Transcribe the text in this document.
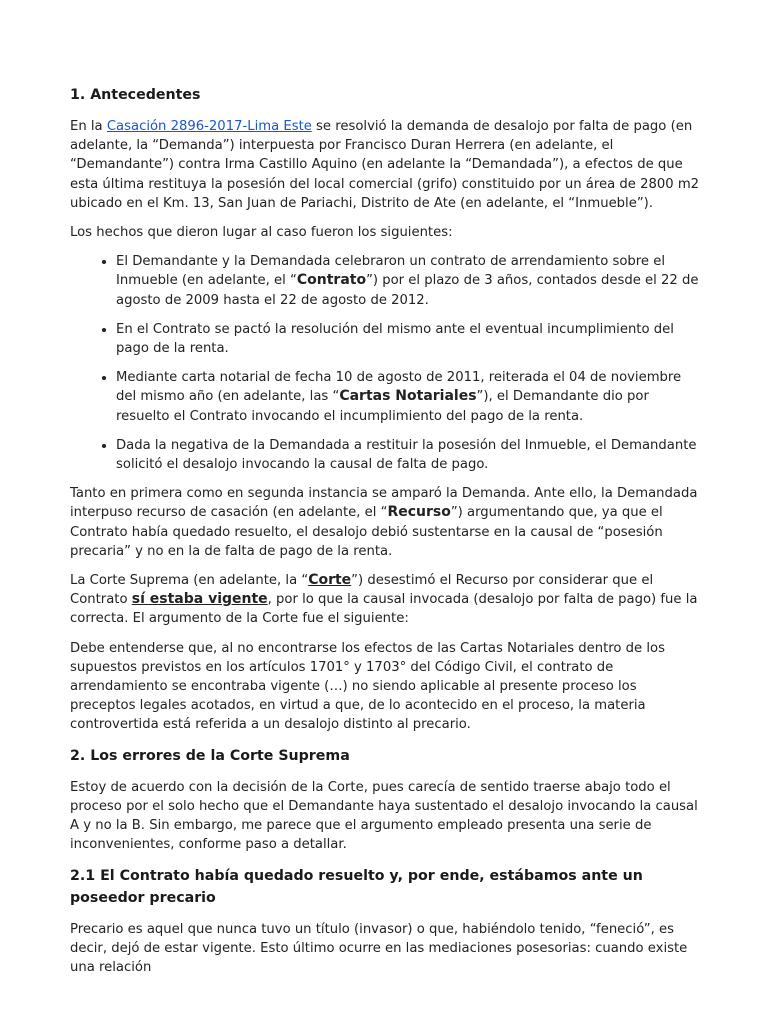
1. Antecedentes

En la Casación 2896-2017-Lima Este se resolvió la demanda de desalojo por falta de pago (en adelante, la “Demanda”) interpuesta por Francisco Duran Herrera (en adelante, el “Demandante”) contra Irma Castillo Aquino (en adelante la “Demandada”), a efectos de que esta última restituya la posesión del local comercial (grifo) constituido por un área de 2800 m2 ubicado en el Km. 13, San Juan de Pariachi, Distrito de Ate (en adelante, el “Inmueble”).

Los hechos que dieron lugar al caso fueron los siguientes:

• El Demandante y la Demandada celebraron un contrato de arrendamiento sobre el Inmueble (en adelante, el “Contrato”) por el plazo de 3 años, contados desde el 22 de agosto de 2009 hasta el 22 de agosto de 2012.
• En el Contrato se pactó la resolución del mismo ante el eventual incumplimiento del pago de la renta.
• Mediante carta notarial de fecha 10 de agosto de 2011, reiterada el 04 de noviembre del mismo año (en adelante, las “Cartas Notariales”), el Demandante dio por resuelto el Contrato invocando el incumplimiento del pago de la renta.
• Dada la negativa de la Demandada a restituir la posesión del Inmueble, el Demandante solicitó el desalojo invocando la causal de falta de pago.

Tanto en primera como en segunda instancia se amparó la Demanda. Ante ello, la Demandada interpuso recurso de casación (en adelante, el “Recurso”) argumentando que, ya que el Contrato había quedado resuelto, el desalojo debió sustentarse en la causal de “posesión precaria” y no en la de falta de pago de la renta.

La Corte Suprema (en adelante, la “Corte”) desestimó el Recurso por considerar que el Contrato sí estaba vigente, por lo que la causal invocada (desalojo por falta de pago) fue la correcta. El argumento de la Corte fue el siguiente:

Debe entenderse que, al no encontrarse los efectos de las Cartas Notariales dentro de los supuestos previstos en los artículos 1701° y 1703° del Código Civil, el contrato de arrendamiento se encontraba vigente (…) no siendo aplicable al presente proceso los preceptos legales acotados, en virtud a que, de lo acontecido en el proceso, la materia controvertida está referida a un desalojo distinto al precario.

2. Los errores de la Corte Suprema

Estoy de acuerdo con la decisión de la Corte, pues carecía de sentido traerse abajo todo el proceso por el solo hecho que el Demandante haya sustentado el desalojo invocando la causal A y no la B. Sin embargo, me parece que el argumento empleado presenta una serie de inconvenientes, conforme paso a detallar.

2.1 El Contrato había quedado resuelto y, por ende, estábamos ante un poseedor precario

Precario es aquel que nunca tuvo un título (invasor) o que, habiéndolo tenido, “feneció”, es decir, dejó de estar vigente. Esto último ocurre en las mediaciones posesorias: cuando existe una relación
